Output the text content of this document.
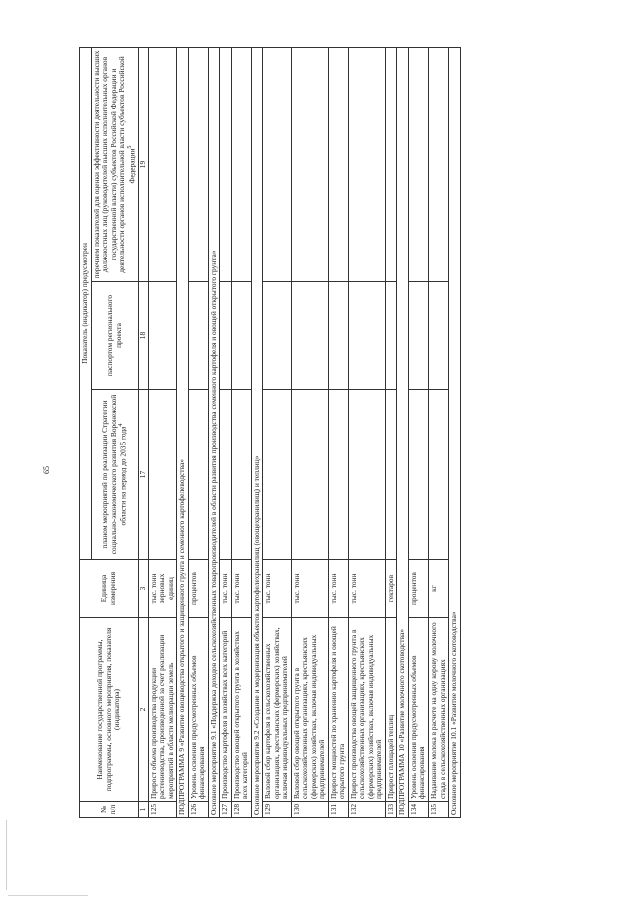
65
№ п/п	Наименование государственной программы, подпрограммы, основного мероприятия, показателя (индикатора)	Единица измерения	Показатель (индикатор) предусмотрен		
			планом мероприятий по реализации Стратегии социально-экономического развития Воронежской области на период до 2035 года$^4$	паспортом регионального проекта	перечнем показателей для оценки эффективности деятельности высших должностных лиц (руководителей высших исполнительных органов государственной власти) субъектов Российской Федерации и деятельности органов исполнительной власти субъектов Российской Федерации$^5$
1	2	3	17	18	19
125	Прирост объема производства продукции растениеводства, произведенной за счет реализации мероприятий в области мелиорации земель	тыс. тонн зерновых единиц			
ПОДПРОГРАММА 9 «Развитие овощеводства открытого и защищенного грунта и семенного картофелеводства»					
126	Уровень освоения предусмотренных объемов финансирования	процентов			
Основное мероприятие 9.1 «Поддержка доходов сельскохозяйственных товаропроизводителей в области развития производства семенного картофеля и овощей открытого грунта»					
127	Производство картофеля в хозяйствах всех категорий	тыс. тонн			
128	Производство овощей открытого грунта в хозяйствах всех категорий	тыс. тонн			
Основное мероприятие 9.2 «Создание и модернизация объектов картофелехранилищ (овощехранилищ) и теплиц»					
129	Валовой сбор картофеля в сельскохозяйственных организациях, крестьянских (фермерских) хозяйствах, включая индивидуальных предпринимателей	тыс. тонн			
130	Валовой сбор овощей открытого грунта в сельскохозяйственных организациях, крестьянских (фермерских) хозяйствах, включая индивидуальных предпринимателей	тыс. тонн			
131	Прирост мощностей по хранению картофеля и овощей открытого грунта	тыс. тонн			
132	Прирост производства овощей защищенного грунта в сельскохозяйственных организациях, крестьянских (фермерских) хозяйствах, включая индивидуальных предпринимателей	тыс. тонн			
133	Прирост площадей теплиц	гектаров			
ПОДПРОГРАММА 10 «Развитие молочного скотоводства»					
134	Уровень освоения предусмотренных объемов финансирования	процентов			
135	Надаивание молока в расчете на одну корову молочного стада в сельскохозяйственных организациях	кг			
Основное мероприятие 10.1 «Развитие молочного скотоводства»					
